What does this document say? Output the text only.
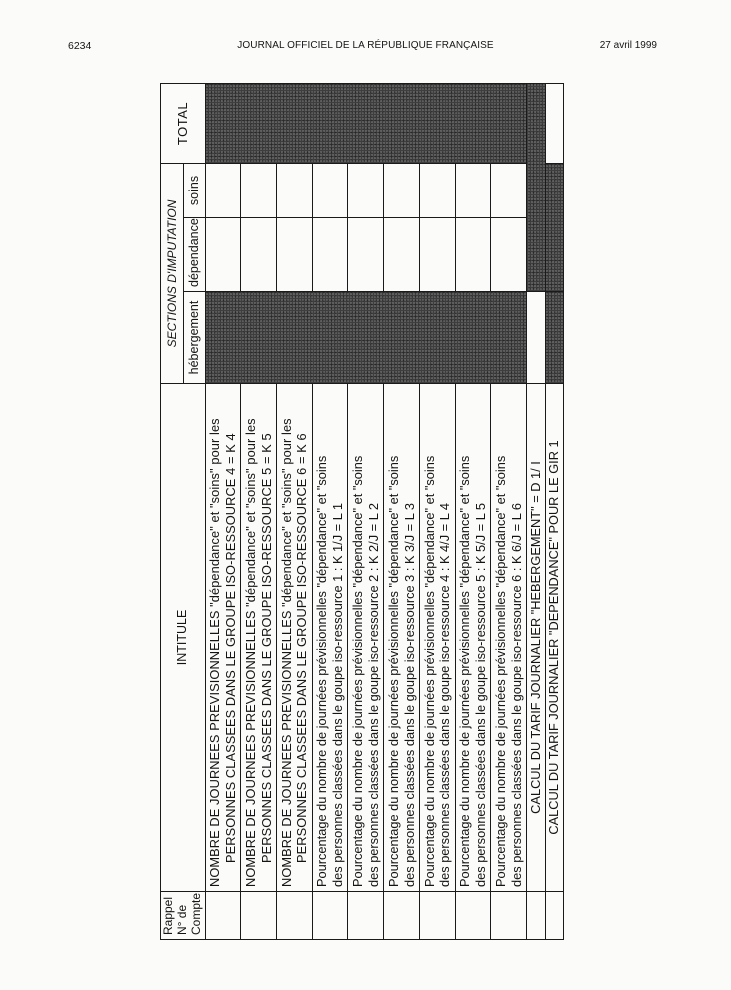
6234	JOURNAL OFFICIEL DE LA RÉPUBLIQUE FRANÇAISE	27 avril 1999
Rappel N° de Compte	INTITULE	SECTIONS D'IMPUTATION			TOTAL
		hébergement	dépendance	soins	

	NOMBRE DE JOURNEES PREVISIONNELLES "dépendance" et "soins" pour les PERSONNES CLASSEES DANS LE GROUPE ISO-RESSOURCE 4 = K 4				

	NOMBRE DE JOURNEES PREVISIONNELLES "dépendance" et "soins" pour les PERSONNES CLASSEES DANS LE GROUPE ISO-RESSOURCE 5 = K 5				

	NOMBRE DE JOURNEES PREVISIONNELLES "dépendance" et "soins" pour les PERSONNES CLASSEES DANS LE GROUPE ISO-RESSOURCE 6 = K 6				

	Pourcentage du nombre de journées prévisionnelles "dépendance" et "soins des personnes classées dans le goupe iso-ressource 1 : K 1/J = L 1				

	Pourcentage du nombre de journées prévisionnelles "dépendance" et "soins des personnes classées dans le goupe iso-ressource 2 : K 2/J = L 2				

	Pourcentage du nombre de journées prévisionnelles "dépendance" et "soins des personnes classées dans le goupe iso-ressource 3 : K 3/J = L 3				

	Pourcentage du nombre de journées prévisionnelles "dépendance" et "soins des personnes classées dans le goupe iso-ressource 4 : K 4/J = L 4				

	Pourcentage du nombre de journées prévisionnelles "dépendance" et "soins des personnes classées dans le goupe iso-ressource 5 : K 5/J = L 5				

	Pourcentage du nombre de journées prévisionnelles "dépendance" et "soins des personnes classées dans le goupe iso-ressource 6 : K 6/J = L 6				

	CALCUL DU TARIF JOURNALIER "HEBERGEMENT" = D 1/ I				
	CALCUL DU TARIF JOURNALIER "DEPENDANCE" POUR LE GIR 1				
